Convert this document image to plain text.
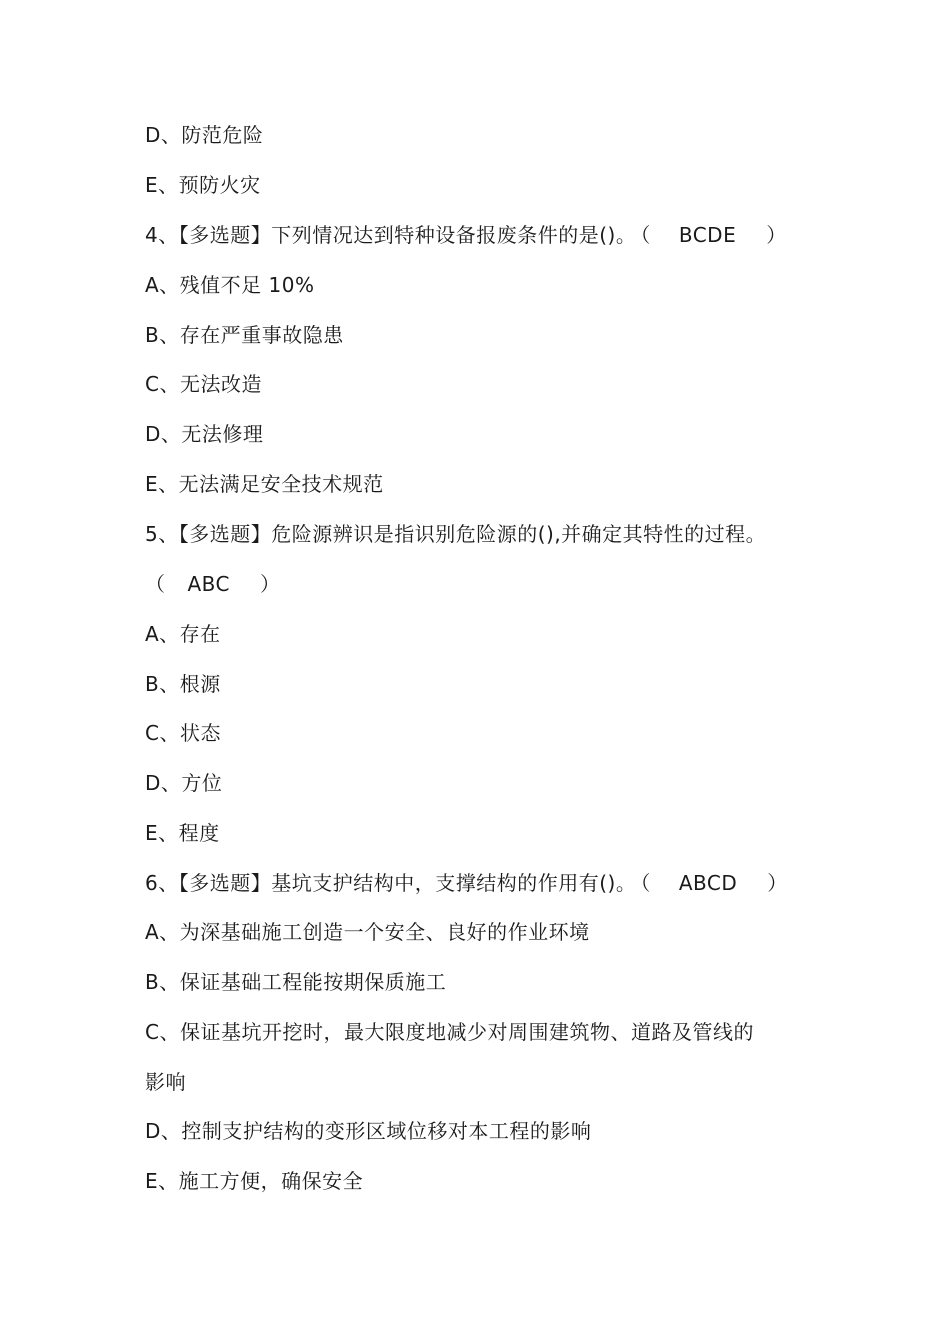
D、防范危险
E、预防火灾
4、【多选题】下列情况达到特种设备报废条件的是()。 （ BCDE ）
A、残值不足 10%
B、存在严重事故隐患
C、无法改造
D、无法修理
E、无法满足安全技术规范
5、【多选题】危险源辨识是指识别危险源的(),并确定其特性的过程。
（ ABC ）
A、存在
B、根源
C、状态
D、方位
E、程度
6、【多选题】基坑支护结构中，支撑结构的作用有()。 （ ABCD ）
A、为深基础施工创造一个安全、良好的作业环境
B、保证基础工程能按期保质施工
C、保证基坑开挖时，最大限度地减少对周围建筑物、道路及管线的
影响
D、控制支护结构的变形区域位移对本工程的影响
E、施工方便，确保安全
